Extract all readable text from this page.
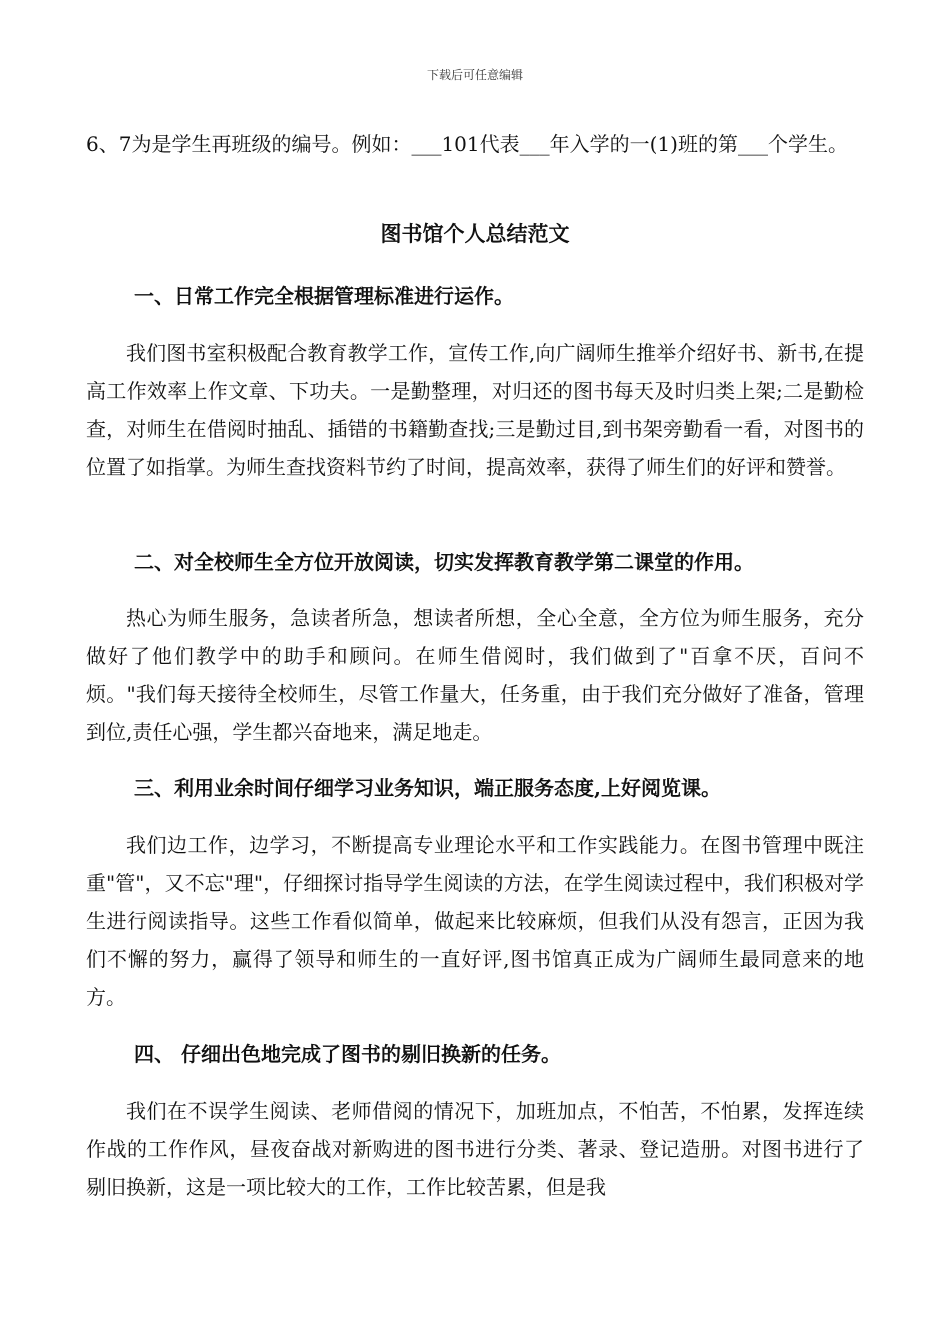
下载后可任意编辑
6、7为是学生再班级的编号。例如：___101代表___年入学的一(1)班的第___个学生。
图书馆个人总结范文
一、日常工作完全根据管理标准进行运作。
我们图书室积极配合教育教学工作，宣传工作,向广阔师生推举介绍好书、新书,在提高工作效率上作文章、下功夫。一是勤整理，对归还的图书每天及时归类上架;二是勤检查，对师生在借阅时抽乱、插错的书籍勤查找;三是勤过目,到书架旁勤看一看，对图书的位置了如指掌。为师生查找资料节约了时间，提高效率，获得了师生们的好评和赞誉。
二、对全校师生全方位开放阅读，切实发挥教育教学第二课堂的作用。
热心为师生服务，急读者所急，想读者所想，全心全意，全方位为师生服务，充分做好了他们教学中的助手和顾问。在师生借阅时，我们做到了"百拿不厌，百问不烦。"我们每天接待全校师生，尽管工作量大，任务重，由于我们充分做好了准备，管理到位,责任心强，学生都兴奋地来，满足地走。
三、利用业余时间仔细学习业务知识，端正服务态度,上好阅览课。
我们边工作，边学习，不断提高专业理论水平和工作实践能力。在图书管理中既注重"管"，又不忘"理"，仔细探讨指导学生阅读的方法，在学生阅读过程中，我们积极对学生进行阅读指导。这些工作看似简单，做起来比较麻烦，但我们从没有怨言，正因为我们不懈的努力，赢得了领导和师生的一直好评,图书馆真正成为广阔师生最同意来的地方。
四、 仔细出色地完成了图书的剔旧换新的任务。
我们在不误学生阅读、老师借阅的情况下，加班加点，不怕苦，不怕累，发挥连续作战的工作作风，昼夜奋战对新购进的图书进行分类、著录、登记造册。对图书进行了剔旧换新，这是一项比较大的工作，工作比较苦累，但是我
